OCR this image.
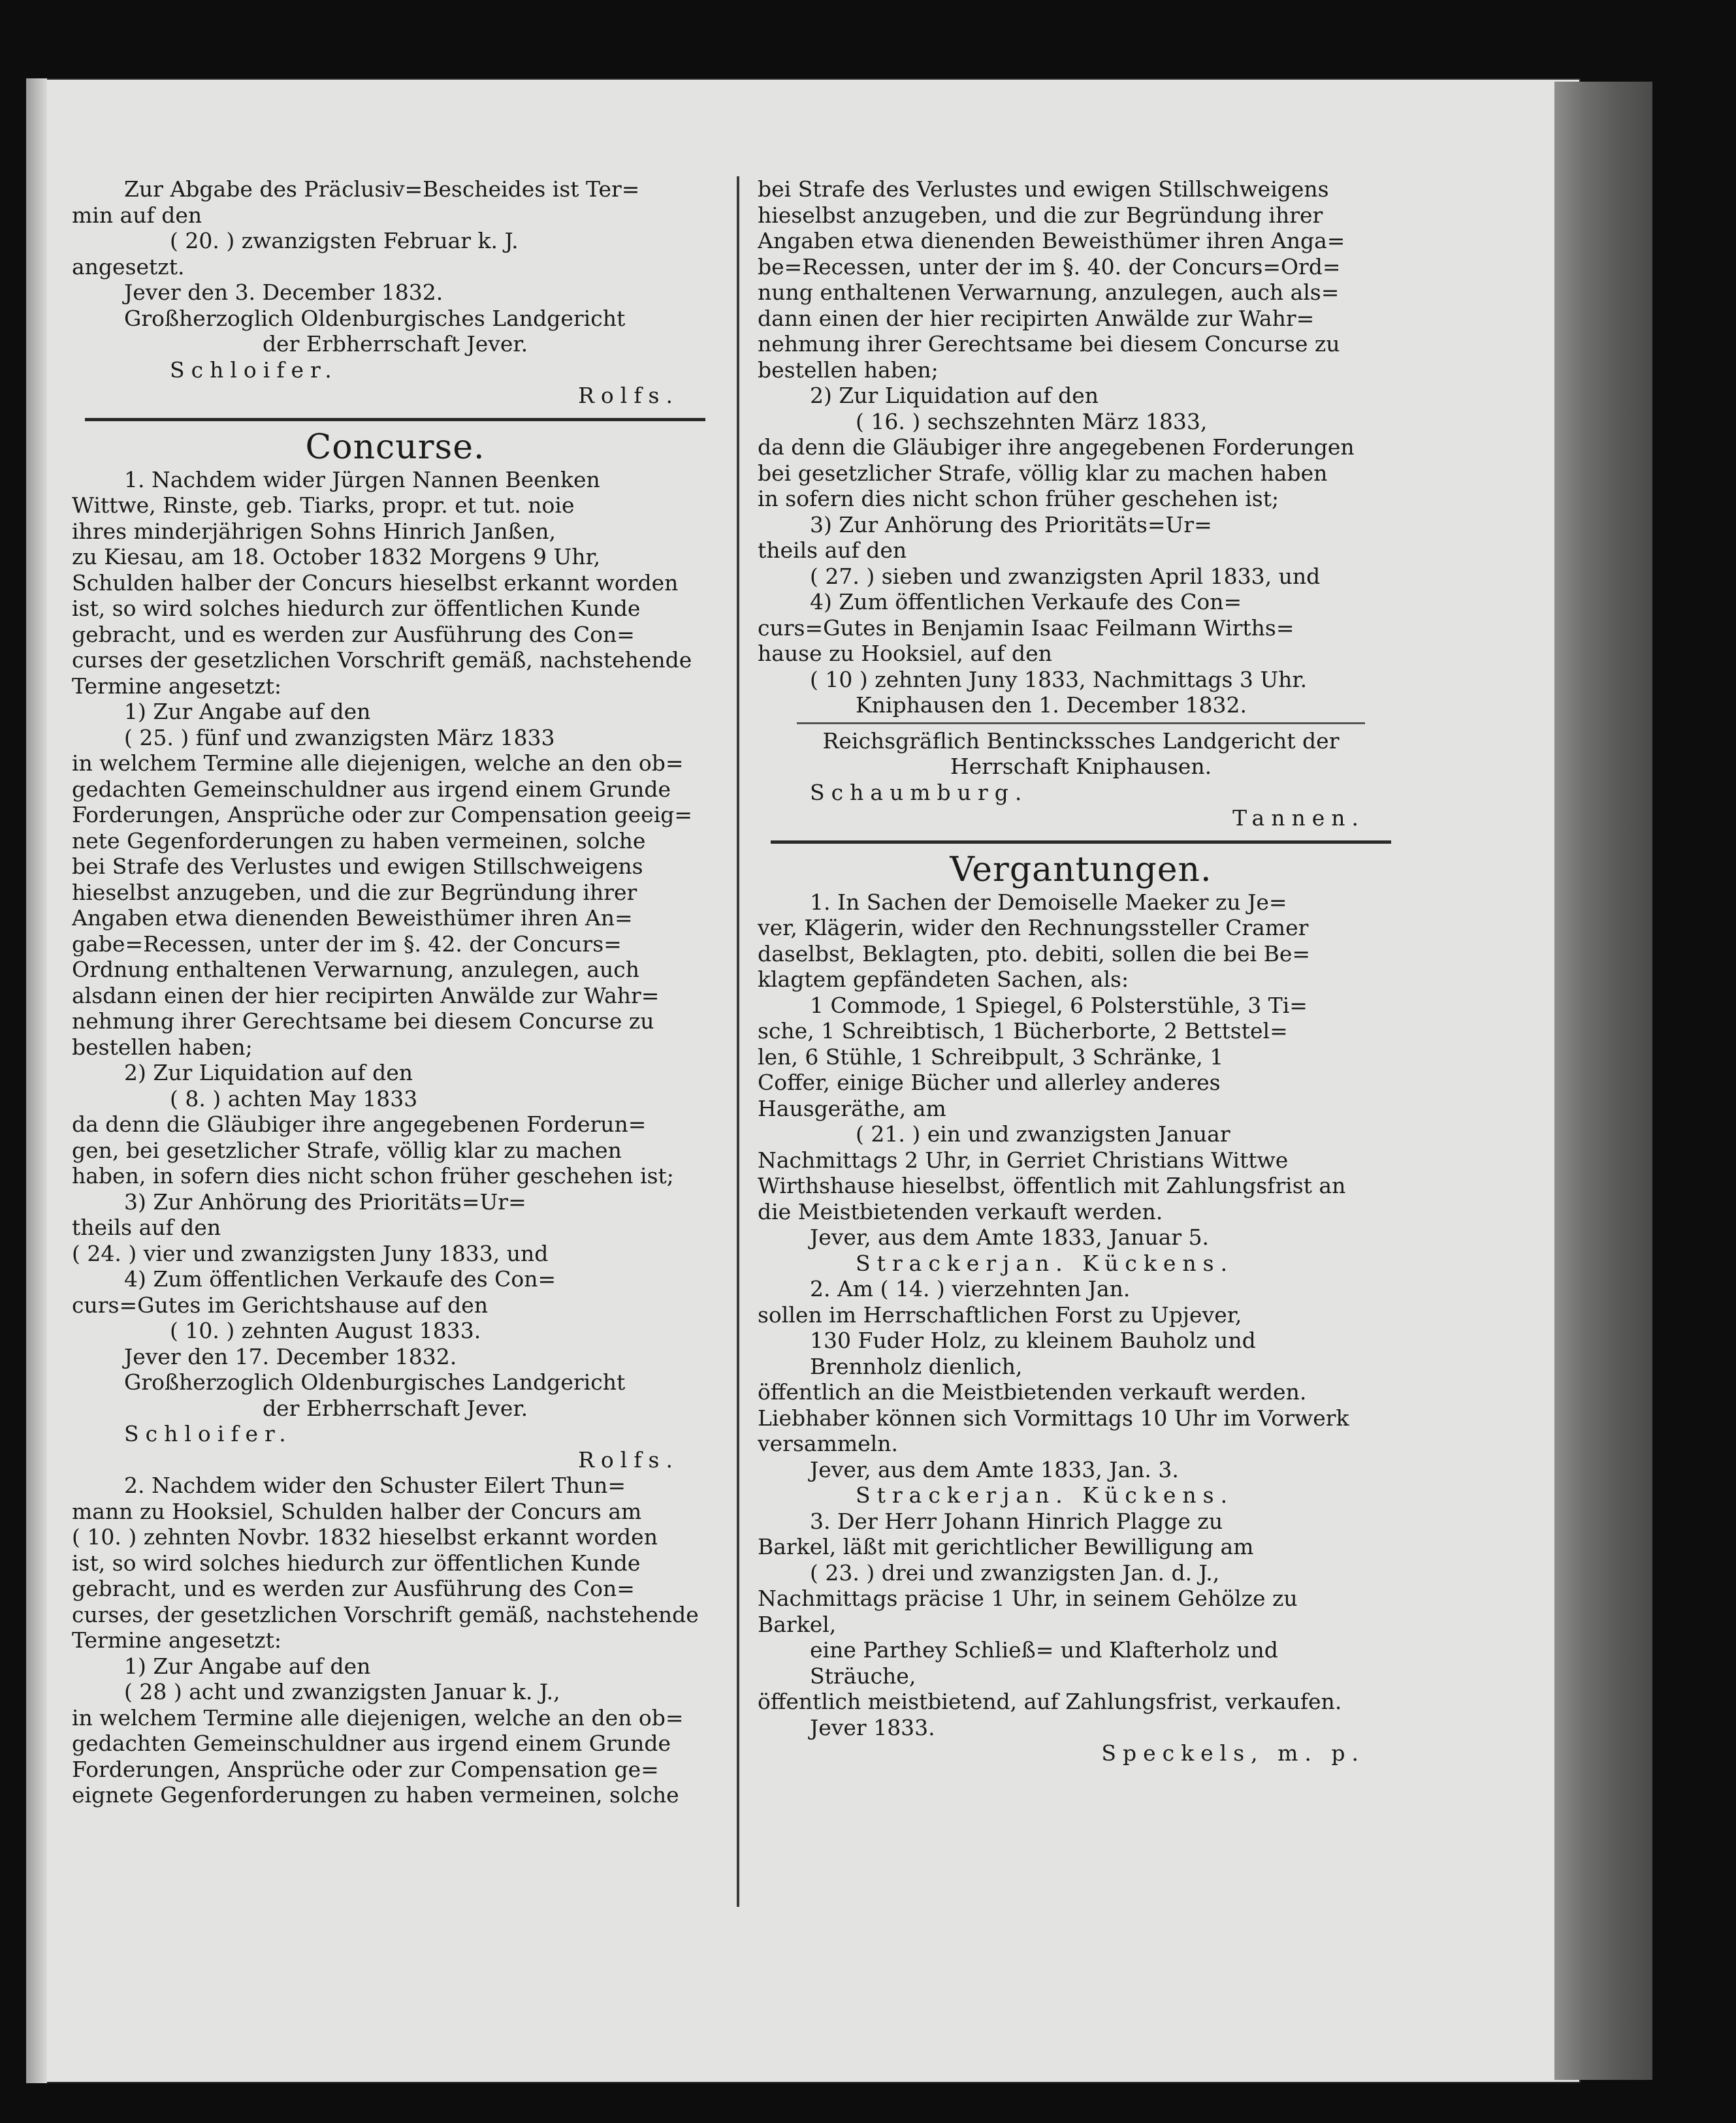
Zur Abgabe des Präclusiv=Bescheides ist Ter=
min auf den
( 20. ) zwanzigsten Februar k. J.
angesetzt.
Jever den 3. December 1832.
Großherzoglich Oldenburgisches Landgericht
der Erbherrschaft Jever.
Schloifer.
Rolfs.
Concurse.
1. Nachdem wider Jürgen Nannen Beenken
Wittwe, Rinste, geb. Tiarks, propr. et tut. noie
ihres minderjährigen Sohns Hinrich Janßen,
zu Kiesau, am 18. October 1832 Morgens 9 Uhr,
Schulden halber der Concurs hieselbst erkannt worden
ist, so wird solches hiedurch zur öffentlichen Kunde
gebracht, und es werden zur Ausführung des Con=
curses der gesetzlichen Vorschrift gemäß, nachstehende
Termine angesetzt:
1) Zur Angabe auf den
( 25. ) fünf und zwanzigsten März 1833
in welchem Termine alle diejenigen, welche an den ob=
gedachten Gemeinschuldner aus irgend einem Grunde
Forderungen, Ansprüche oder zur Compensation geeig=
nete Gegenforderungen zu haben vermeinen, solche
bei Strafe des Verlustes und ewigen Stillschweigens
hieselbst anzugeben, und die zur Begründung ihrer
Angaben etwa dienenden Beweisthümer ihren An=
gabe=Recessen, unter der im §. 42. der Concurs=
Ordnung enthaltenen Verwarnung, anzulegen, auch
alsdann einen der hier recipirten Anwälde zur Wahr=
nehmung ihrer Gerechtsame bei diesem Concurse zu
bestellen haben;
2) Zur Liquidation auf den
( 8. ) achten May 1833
da denn die Gläubiger ihre angegebenen Forderun=
gen, bei gesetzlicher Strafe, völlig klar zu machen
haben, in sofern dies nicht schon früher geschehen ist;
3) Zur Anhörung des Prioritäts=Ur=
theils auf den
( 24. ) vier und zwanzigsten Juny 1833, und
4) Zum öffentlichen Verkaufe des Con=
curs=Gutes im Gerichtshause auf den
( 10. ) zehnten August 1833.
Jever den 17. December 1832.
Großherzoglich Oldenburgisches Landgericht
der Erbherrschaft Jever.
Schloifer.
Rolfs.
2. Nachdem wider den Schuster Eilert Thun=
mann zu Hooksiel, Schulden halber der Concurs am
( 10. ) zehnten Novbr. 1832 hieselbst erkannt worden
ist, so wird solches hiedurch zur öffentlichen Kunde
gebracht, und es werden zur Ausführung des Con=
curses, der gesetzlichen Vorschrift gemäß, nachstehende
Termine angesetzt:
1) Zur Angabe auf den
( 28 ) acht und zwanzigsten Januar k. J.,
in welchem Termine alle diejenigen, welche an den ob=
gedachten Gemeinschuldner aus irgend einem Grunde
Forderungen, Ansprüche oder zur Compensation ge=
eignete Gegenforderungen zu haben vermeinen, solche
bei Strafe des Verlustes und ewigen Stillschweigens
hieselbst anzugeben, und die zur Begründung ihrer
Angaben etwa dienenden Beweisthümer ihren Anga=
be=Recessen, unter der im §. 40. der Concurs=Ord=
nung enthaltenen Verwarnung, anzulegen, auch als=
dann einen der hier recipirten Anwälde zur Wahr=
nehmung ihrer Gerechtsame bei diesem Concurse zu
bestellen haben;
2) Zur Liquidation auf den
( 16. ) sechszehnten März 1833,
da denn die Gläubiger ihre angegebenen Forderungen
bei gesetzlicher Strafe, völlig klar zu machen haben
in sofern dies nicht schon früher geschehen ist;
3) Zur Anhörung des Prioritäts=Ur=
theils auf den
( 27. ) sieben und zwanzigsten April 1833, und
4) Zum öffentlichen Verkaufe des Con=
curs=Gutes in Benjamin Isaac Feilmann Wirths=
hause zu Hooksiel, auf den
( 10 ) zehnten Juny 1833, Nachmittags 3 Uhr.
Kniphausen den 1. December 1832.
Reichsgräflich Bentinckssches Landgericht der
Herrschaft Kniphausen.
Schaumburg.
Tannen.
Vergantungen.
1. In Sachen der Demoiselle Maeker zu Je=
ver, Klägerin, wider den Rechnungssteller Cramer
daselbst, Beklagten, pto. debiti, sollen die bei Be=
klagtem gepfändeten Sachen, als:
1 Commode, 1 Spiegel, 6 Polsterstühle, 3 Ti=
sche, 1 Schreibtisch, 1 Bücherborte, 2 Bettstel=
len, 6 Stühle, 1 Schreibpult, 3 Schränke, 1
Coffer, einige Bücher und allerley anderes
Hausgeräthe, am
( 21. ) ein und zwanzigsten Januar
Nachmittags 2 Uhr, in Gerriet Christians Wittwe
Wirthshause hieselbst, öffentlich mit Zahlungsfrist an
die Meistbietenden verkauft werden.
Jever, aus dem Amte 1833, Januar 5.
Strackerjan. Kückens.
2. Am ( 14. ) vierzehnten Jan.
sollen im Herrschaftlichen Forst zu Upjever,
130 Fuder Holz, zu kleinem Bauholz und
Brennholz dienlich,
öffentlich an die Meistbietenden verkauft werden.
Liebhaber können sich Vormittags 10 Uhr im Vorwerk
versammeln.
Jever, aus dem Amte 1833, Jan. 3.
Strackerjan. Kückens.
3. Der Herr Johann Hinrich Plagge zu
Barkel, läßt mit gerichtlicher Bewilligung am
( 23. ) drei und zwanzigsten Jan. d. J.,
Nachmittags präcise 1 Uhr, in seinem Gehölze zu
Barkel,
eine Parthey Schließ= und Klafterholz und
Sträuche,
öffentlich meistbietend, auf Zahlungsfrist, verkaufen.
Jever 1833.
Speckels, m. p.
